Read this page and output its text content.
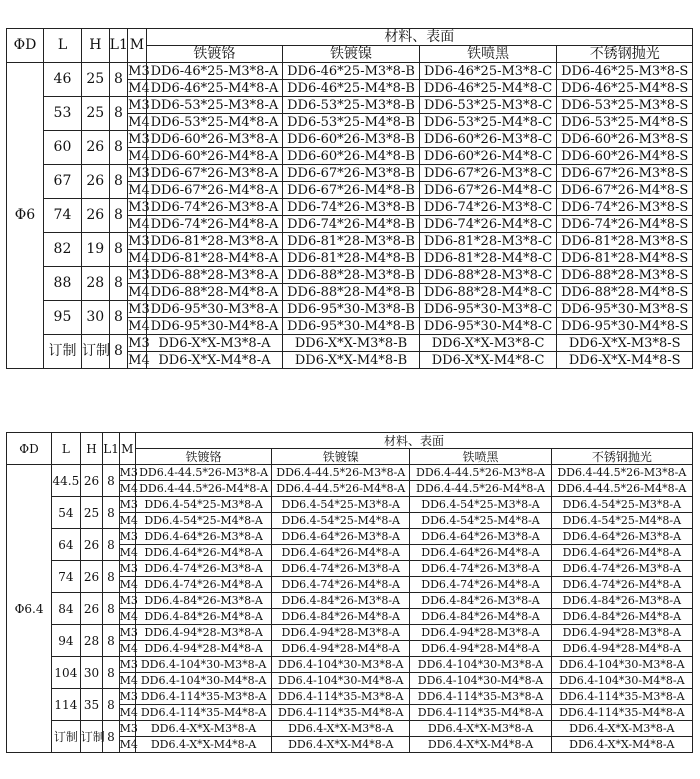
ΦD	L	H	L1	M	材料、表面			
					铁镀铬	铁镀镍	铁喷黑	不锈钢抛光
Φ6	46	25	8	M3	DD6-46*25-M3*8-A	DD6-46*25-M3*8-B	DD6-46*25-M3*8-C	DD6-46*25-M3*8-S
				M4	DD6-46*25-M4*8-A	DD6-46*25-M4*8-B	DD6-46*25-M4*8-C	DD6-46*25-M4*8-S
	53	25	8	M3	DD6-53*25-M3*8-A	DD6-53*25-M3*8-B	DD6-53*25-M3*8-C	DD6-53*25-M3*8-S
				M4	DD6-53*25-M4*8-A	DD6-53*25-M4*8-B	DD6-53*25-M4*8-C	DD6-53*25-M4*8-S
	60	26	8	M3	DD6-60*26-M3*8-A	DD6-60*26-M3*8-B	DD6-60*26-M3*8-C	DD6-60*26-M3*8-S
				M4	DD6-60*26-M4*8-A	DD6-60*26-M4*8-B	DD6-60*26-M4*8-C	DD6-60*26-M4*8-S
	67	26	8	M3	DD6-67*26-M3*8-A	DD6-67*26-M3*8-B	DD6-67*26-M3*8-C	DD6-67*26-M3*8-S
				M4	DD6-67*26-M4*8-A	DD6-67*26-M4*8-B	DD6-67*26-M4*8-C	DD6-67*26-M4*8-S
	74	26	8	M3	DD6-74*26-M3*8-A	DD6-74*26-M3*8-B	DD6-74*26-M3*8-C	DD6-74*26-M3*8-S
				M4	DD6-74*26-M4*8-A	DD6-74*26-M4*8-B	DD6-74*26-M4*8-C	DD6-74*26-M4*8-S
	82	19	8	M3	DD6-81*28-M3*8-A	DD6-81*28-M3*8-B	DD6-81*28-M3*8-C	DD6-81*28-M3*8-S
				M4	DD6-81*28-M4*8-A	DD6-81*28-M4*8-B	DD6-81*28-M4*8-C	DD6-81*28-M4*8-S
	88	28	8	M3	DD6-88*28-M3*8-A	DD6-88*28-M3*8-B	DD6-88*28-M3*8-C	DD6-88*28-M3*8-S
				M4	DD6-88*28-M4*8-A	DD6-88*28-M4*8-B	DD6-88*28-M4*8-C	DD6-88*28-M4*8-S
	95	30	8	M3	DD6-95*30-M3*8-A	DD6-95*30-M3*8-B	DD6-95*30-M3*8-C	DD6-95*30-M3*8-S
				M4	DD6-95*30-M4*8-A	DD6-95*30-M4*8-B	DD6-95*30-M4*8-C	DD6-95*30-M4*8-S
	订制	订制	8	M3	DD6-X*X-M3*8-A	DD6-X*X-M3*8-B	DD6-X*X-M3*8-C	DD6-X*X-M3*8-S
				M4	DD6-X*X-M4*8-A	DD6-X*X-M4*8-B	DD6-X*X-M4*8-C	DD6-X*X-M4*8-S
ΦD	L	H	L1	M	材料、表面			
					铁镀铬	铁镀镍	铁喷黑	不锈钢抛光
Φ6.4	44.5	26	8	M3	DD6.4-44.5*26-M3*8-A	DD6.4-44.5*26-M3*8-A	DD6.4-44.5*26-M3*8-A	DD6.4-44.5*26-M3*8-A
				M4	DD6.4-44.5*26-M4*8-A	DD6.4-44.5*26-M4*8-A	DD6.4-44.5*26-M4*8-A	DD6.4-44.5*26-M4*8-A
	54	25	8	M3	DD6.4-54*25-M3*8-A	DD6.4-54*25-M3*8-A	DD6.4-54*25-M3*8-A	DD6.4-54*25-M3*8-A
				M4	DD6.4-54*25-M4*8-A	DD6.4-54*25-M4*8-A	DD6.4-54*25-M4*8-A	DD6.4-54*25-M4*8-A
	64	26	8	M3	DD6.4-64*26-M3*8-A	DD6.4-64*26-M3*8-A	DD6.4-64*26-M3*8-A	DD6.4-64*26-M3*8-A
				M4	DD6.4-64*26-M4*8-A	DD6.4-64*26-M4*8-A	DD6.4-64*26-M4*8-A	DD6.4-64*26-M4*8-A
	74	26	8	M3	DD6.4-74*26-M3*8-A	DD6.4-74*26-M3*8-A	DD6.4-74*26-M3*8-A	DD6.4-74*26-M3*8-A
				M4	DD6.4-74*26-M4*8-A	DD6.4-74*26-M4*8-A	DD6.4-74*26-M4*8-A	DD6.4-74*26-M4*8-A
	84	26	8	M3	DD6.4-84*26-M3*8-A	DD6.4-84*26-M3*8-A	DD6.4-84*26-M3*8-A	DD6.4-84*26-M3*8-A
				M4	DD6.4-84*26-M4*8-A	DD6.4-84*26-M4*8-A	DD6.4-84*26-M4*8-A	DD6.4-84*26-M4*8-A
	94	28	8	M3	DD6.4-94*28-M3*8-A	DD6.4-94*28-M3*8-A	DD6.4-94*28-M3*8-A	DD6.4-94*28-M3*8-A
				M4	DD6.4-94*28-M4*8-A	DD6.4-94*28-M4*8-A	DD6.4-94*28-M4*8-A	DD6.4-94*28-M4*8-A
	104	30	8	M3	DD6.4-104*30-M3*8-A	DD6.4-104*30-M3*8-A	DD6.4-104*30-M3*8-A	DD6.4-104*30-M3*8-A
				M4	DD6.4-104*30-M4*8-A	DD6.4-104*30-M4*8-A	DD6.4-104*30-M4*8-A	DD6.4-104*30-M4*8-A
	114	35	8	M3	DD6.4-114*35-M3*8-A	DD6.4-114*35-M3*8-A	DD6.4-114*35-M3*8-A	DD6.4-114*35-M3*8-A
				M4	DD6.4-114*35-M4*8-A	DD6.4-114*35-M4*8-A	DD6.4-114*35-M4*8-A	DD6.4-114*35-M4*8-A
	订制	订制	8	M3	DD6.4-X*X-M3*8-A	DD6.4-X*X-M3*8-A	DD6.4-X*X-M3*8-A	DD6.4-X*X-M3*8-A
				M4	DD6.4-X*X-M4*8-A	DD6.4-X*X-M4*8-A	DD6.4-X*X-M4*8-A	DD6.4-X*X-M4*8-A
